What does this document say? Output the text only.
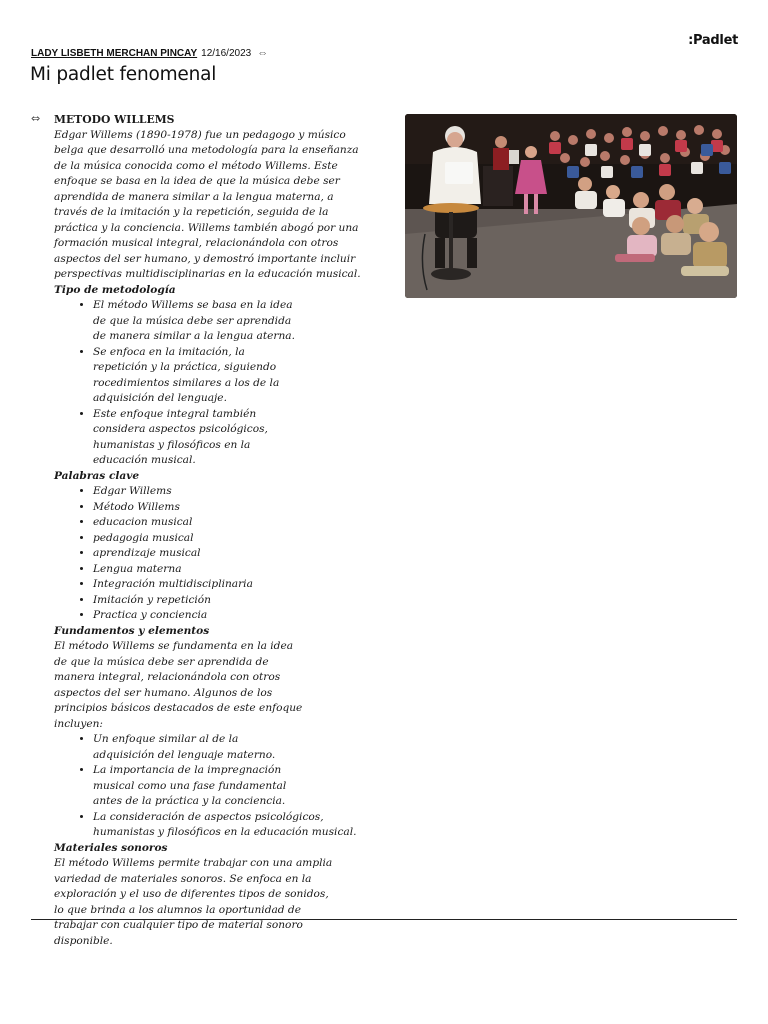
:Padlet
LADY LISBETH MERCHAN PINCAY 12/16/2023 ⇔
Mi padlet fenomenal
⇔ METODO WILLEMS

Edgar Willems (1890-1978) fue un pedagogo y músico belga que desarrolló una metodología para la enseñanza de la música conocida como el método Willems. Este enfoque se basa en la idea de que la música debe ser aprendida de manera similar a la lengua materna, a través de la imitación y la repetición, seguida de la práctica y la conciencia. Willems también abogó por una formación musical integral, relacionándola con otros aspectos del ser humano, y demostró importante incluir perspectivas multidisciplinarias en la educación musical.

Tipo de metodología

• El método Willems se basa en la idea de que la música debe ser aprendida de manera similar a la lengua aterna.
• Se enfoca en la imitación, la repetición y la práctica, siguiendo rocedimientos similares a los de la adquisición del lenguaje.
• Este enfoque integral también considera aspectos psicológicos, humanistas y filosóficos en la educación musical.

Palabras clave

• Edgar Willems
• Método Willems
• educacion musical
• pedagogia musical
• aprendizaje musical
• Lengua materna
• Integración multidisciplinaria
• Imitación y repetición
• Practica y conciencia

Fundamentos y elementos

El método Willems se fundamenta en la idea de que la música debe ser aprendida de manera integral, relacionándola con otros aspectos del ser humano. Algunos de los principios básicos destacados de este enfoque incluyen:

• Un enfoque similar al de la adquisición del lenguaje materno.
• La importancia de la impregnación musical como una fase fundamental antes de la práctica y la conciencia.
• La consideración de aspectos psicológicos, humanistas y filosóficos en la educación musical.

Materiales sonoros

El método Willems permite trabajar con una amplia variedad de materiales sonoros. Se enfoca en la exploración y el uso de diferentes tipos de sonidos, lo que brinda a los alumnos la oportunidad de trabajar con cualquier tipo de material sonoro disponible.
